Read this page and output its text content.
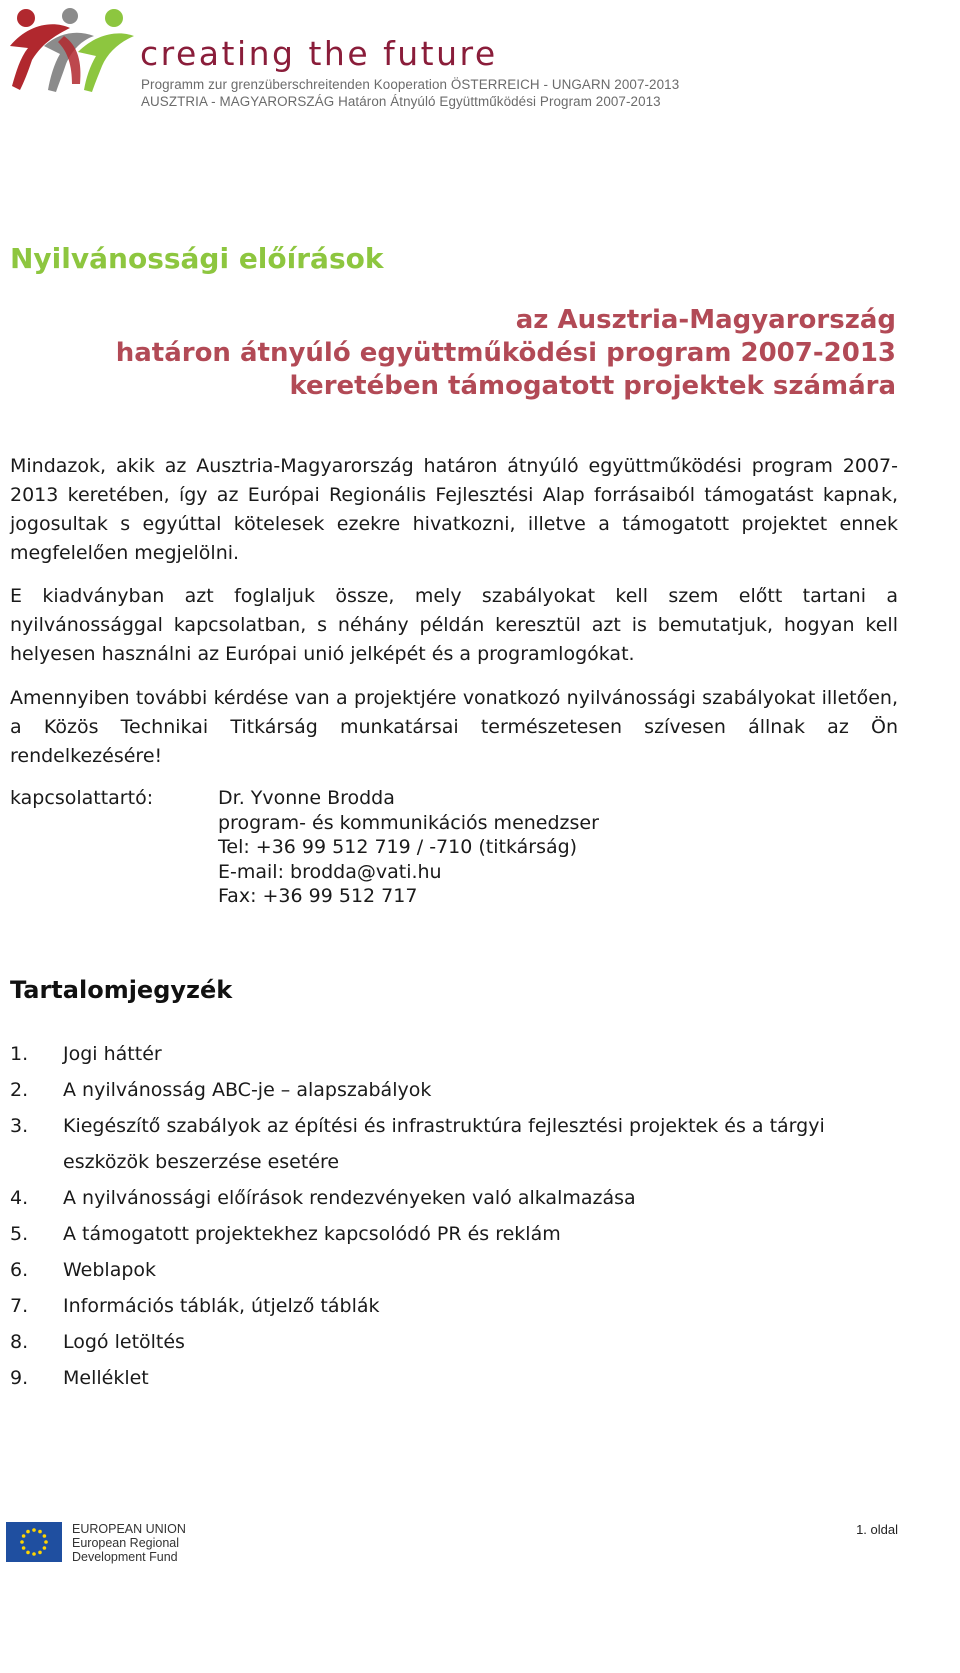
creating the future
Programm zur grenzüberschreitenden Kooperation ÖSTERREICH - UNGARN 2007-2013
AUSZTRIA - MAGYARORSZÁG Határon Átnyúló Együttműködési Program 2007-2013
Nyilvánossági előírások
az Ausztria-Magyarország
határon átnyúló együttműködési program 2007-2013
keretében támogatott projektek számára

Mindazok, akik az Ausztria-Magyarország határon átnyúló együttműködési program 2007-2013 keretében, így az Európai Regionális Fejlesztési Alap forrásaiból támogatást kapnak, jogosultak s egyúttal kötelesek ezekre hivatkozni, illetve a támogatott projektet ennek megfelelően megjelölni.

E kiadványban azt foglaljuk össze, mely szabályokat kell szem előtt tartani a nyilvánossággal kapcsolatban, s néhány példán keresztül azt is bemutatjuk, hogyan kell helyesen használni az Európai unió jelképét és a programlogókat.

Amennyiben további kérdése van a projektjére vonatkozó nyilvánossági szabályokat illetően, a Közös Technikai Titkárság munkatársai természetesen szívesen állnak az Ön rendelkezésére!

kapcsolattartó:	Dr. Yvonne Brodda
program- és kommunikációs menedzser
Tel: +36 99 512 719 / -710 (titkárság)
E-mail: brodda@vati.hu
Fax: +36 99 512 717
Tartalomjegyzék
1.	Jogi háttér
2.	A nyilvánosság ABC-je – alapszabályok
3.	Kiegészítő szabályok az építési és infrastruktúra fejlesztési projektek és a tárgyi eszközök beszerzése esetére
4.	A nyilvánossági előírások rendezvényeken való alkalmazása
5.	A támogatott projektekhez kapcsolódó PR és reklám
6.	Weblapok
7.	Információs táblák, útjelző táblák
8.	Logó letöltés
9.	Melléklet
EUROPEAN UNION
European Regional
Development Fund
1. oldal
